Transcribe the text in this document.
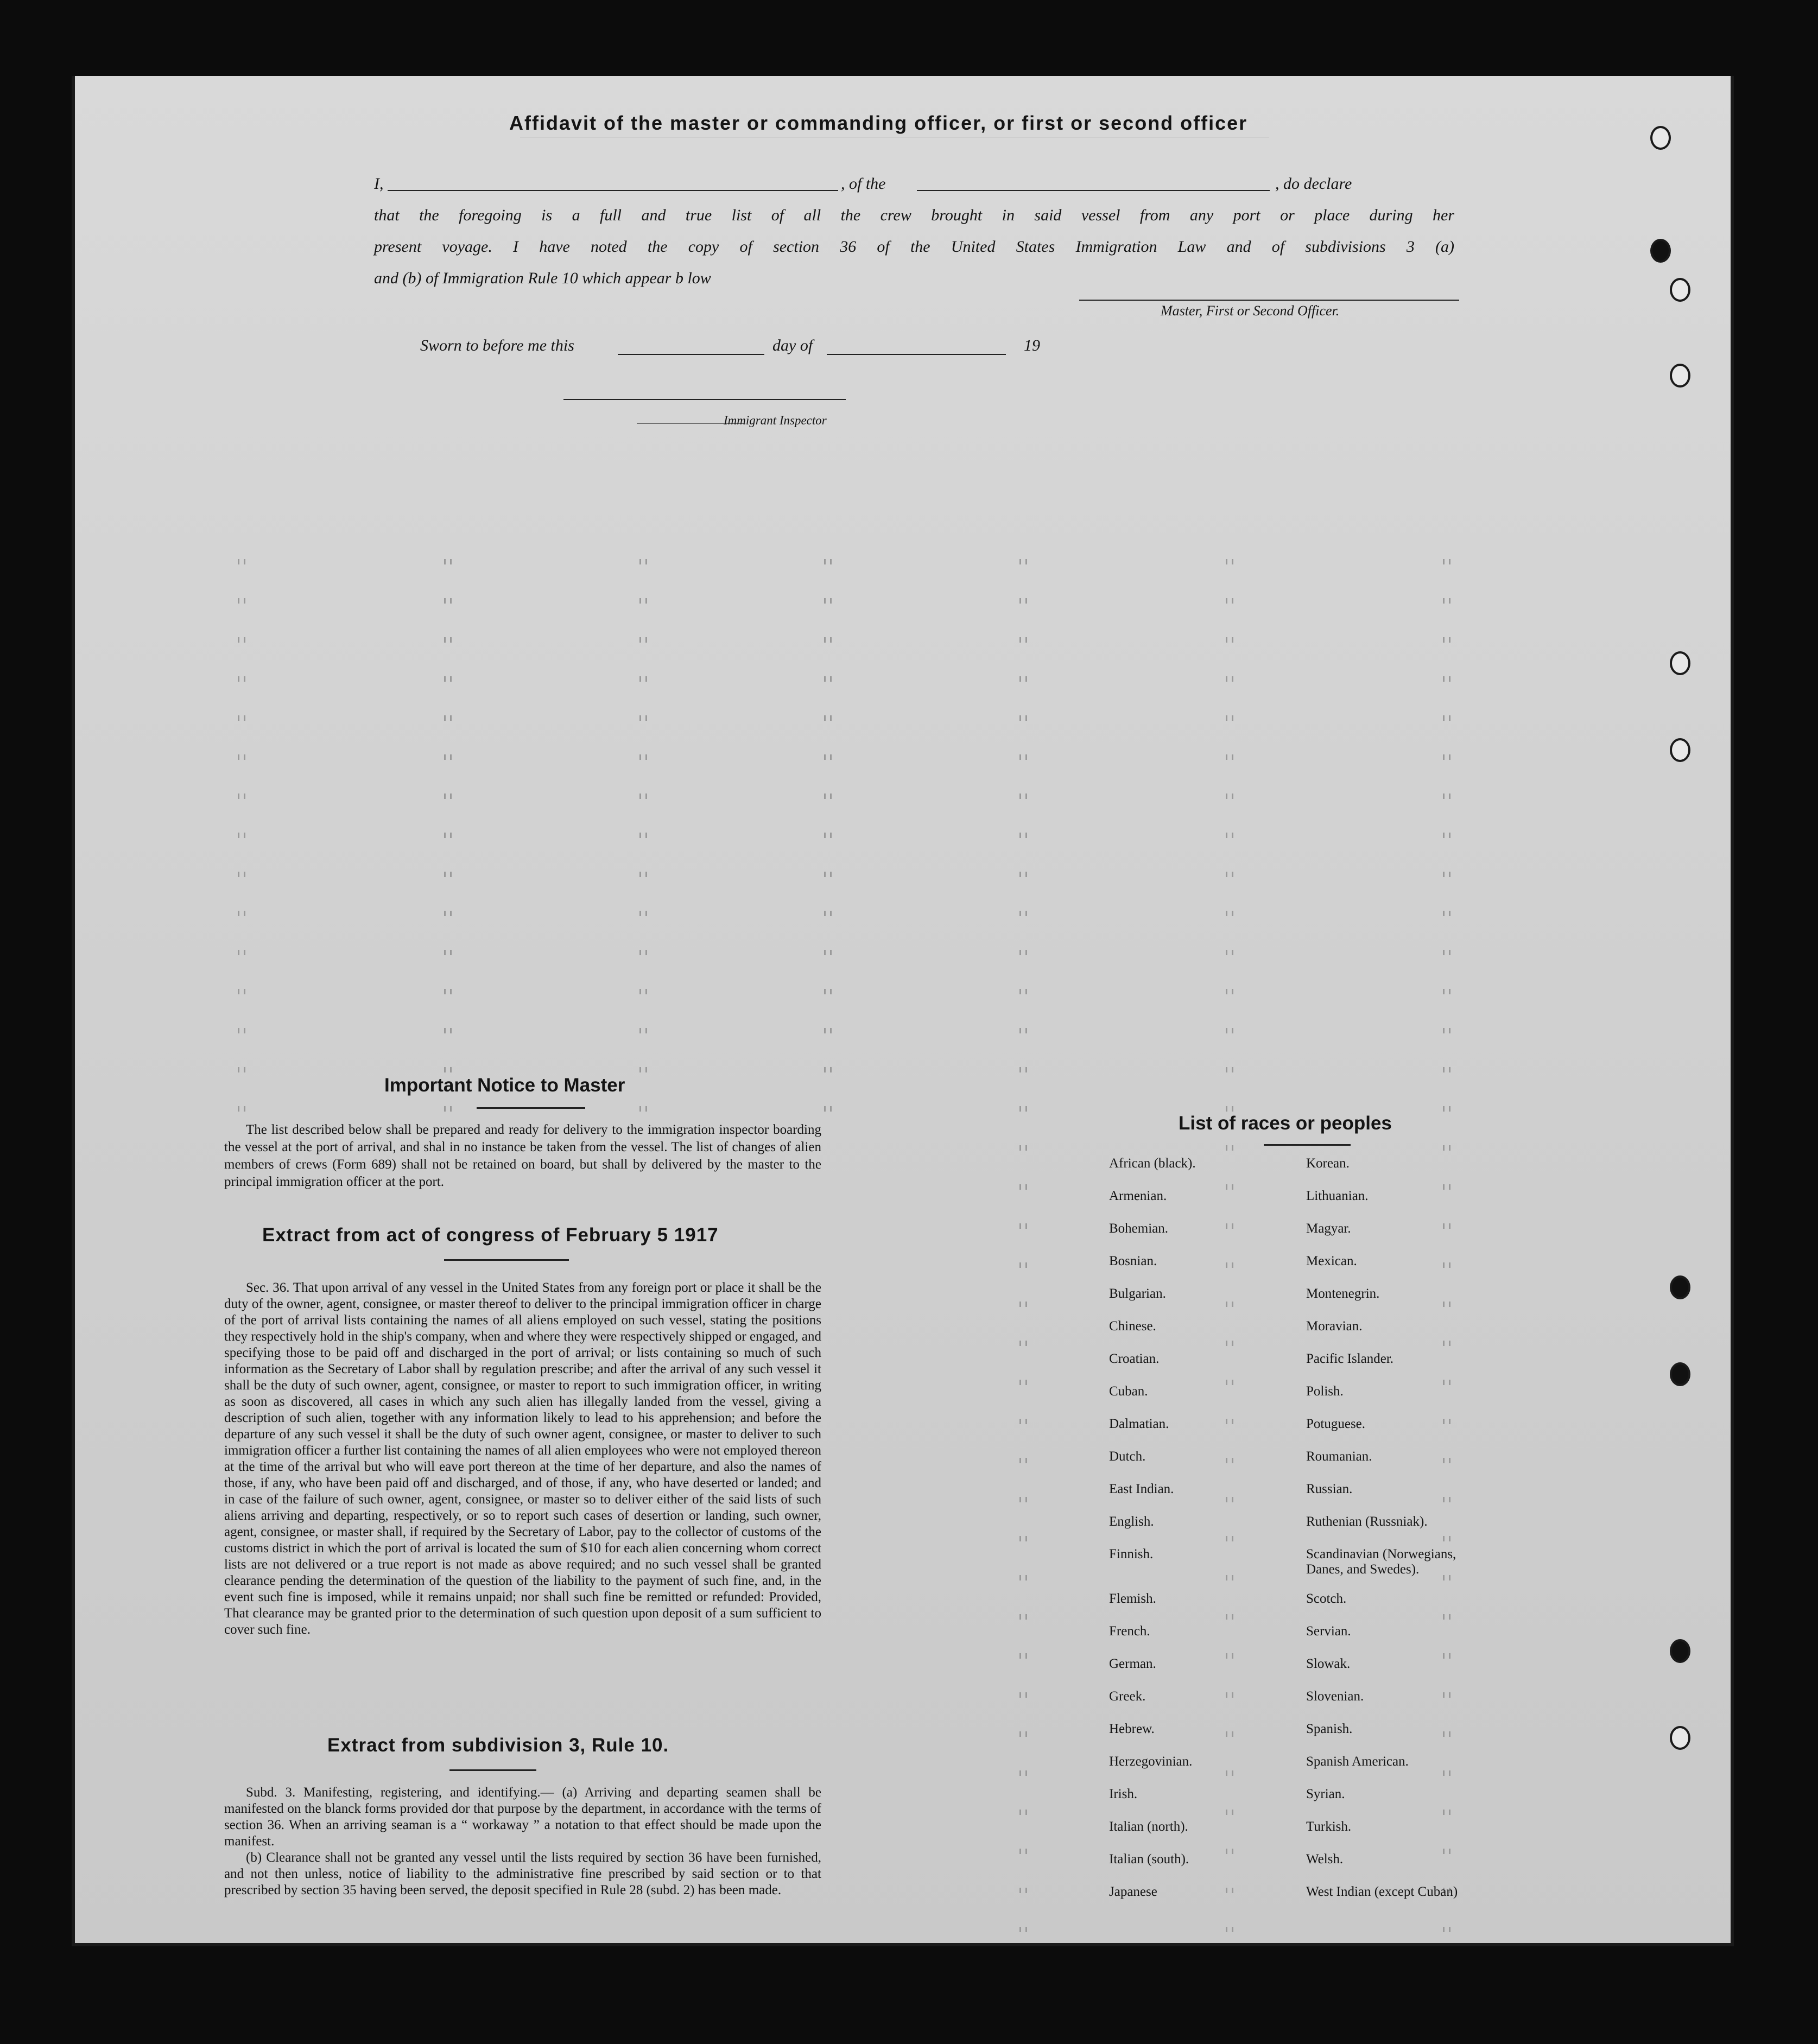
Affidavit of the master or commanding officer, or first or second officer
I,	, of the	, do declare
that the foregoing is a full and true list of all the crew brought in said vessel from any port or place during her
present voyage. I have noted the copy of section 36 of the United States Immigration Law and of subdivisions 3 (a)
and (b) of Immigration Rule 10 which appear b low
Master, First or Second Officer.
Sworn to before me this	day of	19
Immigrant Inspector
Important Notice to Master
The list described below shall be prepared and ready for delivery to the immigration inspector boarding the vessel at the port of arrival, and shal in no instance be taken from the vessel. The list of changes of alien members of crews (Form 689) shall not be retained on board, but shall by delivered by the master to the principal immigration officer at the port.
Extract from act of congress of February 5 1917
Sec. 36. That upon arrival of any vessel in the United States from any foreign port or place it shall be the duty of the owner, agent, consignee, or master thereof to deliver to the principal immigration officer in charge of the port of arrival lists containing the names of all aliens employed on such vessel, stating the positions they respectively hold in the ship's company, when and where they were respectively shipped or engaged, and specifying those to be paid off and discharged in the port of arrival; or lists containing so much of such information as the Secretary of Labor shall by regulation prescribe; and after the arrival of any such vessel it shall be the duty of such owner, agent, consignee, or master to report to such immigration officer, in writing as soon as discovered, all cases in which any such alien has illegally landed from the vessel, giving a description of such alien, together with any information likely to lead to his apprehension; and before the departure of any such vessel it shall be the duty of such owner agent, consignee, or master to deliver to such immigration officer a further list containing the names of all alien employees who were not employed thereon at the time of the arrival but who will eave port thereon at the time of her departure, and also the names of those, if any, who have been paid off and discharged, and of those, if any, who have deserted or landed; and in case of the failure of such owner, agent, consignee, or master so to deliver either of the said lists of such aliens arriving and departing, respectively, or so to report such cases of desertion or landing, such owner, agent, consignee, or master shall, if required by the Secretary of Labor, pay to the collector of customs of the customs district in which the port of arrival is located the sum of $10 for each alien concerning whom correct lists are not delivered or a true report is not made as above required; and no such vessel shall be granted clearance pending the determination of the question of the liability to the payment of such fine, and, in the event such fine is imposed, while it remains unpaid; nor shall such fine be remitted or refunded: Provided, That clearance may be granted prior to the determination of such question upon deposit of a sum sufficient to cover such fine.
Extract from subdivision 3, Rule 10.

Subd. 3. Manifesting, registering, and identifying.— (a) Arriving and departing seamen shall be manifested on the blanck forms provided dor that purpose by the department, in accordance with the terms of section 36. When an arriving seaman is a “ workaway ” a notation to that effect should be made upon the manifest.

(b) Clearance shall not be granted any vessel until the lists required by section 36 have been furnished, and not then unless, notice of liability to the administrative fine prescribed by said section or to that prescribed by section 35 having been served, the deposit specified in Rule 28 (subd. 2) has been made.

List of races or peoples
African (black).
Armenian.
Bohemian.
Bosnian.
Bulgarian.
Chinese.
Croatian.
Cuban.
Dalmatian.
Dutch.
East Indian.
English.
Finnish.
Flemish.
French.
German.
Greek.
Hebrew.
Herzegovinian.
Irish.
Italian (north).
Italian (south).
Japanese
Korean.
Lithuanian.
Magyar.
Mexican.
Montenegrin.
Moravian.
Pacific Islander.
Polish.
Potuguese.
Roumanian.
Russian.
Ruthenian (Russniak).
Scandinavian (Norwegians, Danes, and Swedes).
Scotch.
Servian.
Slowak.
Slovenian.
Spanish.
Spanish American.
Syrian.
Turkish.
Welsh.
West Indian (except Cuban)
